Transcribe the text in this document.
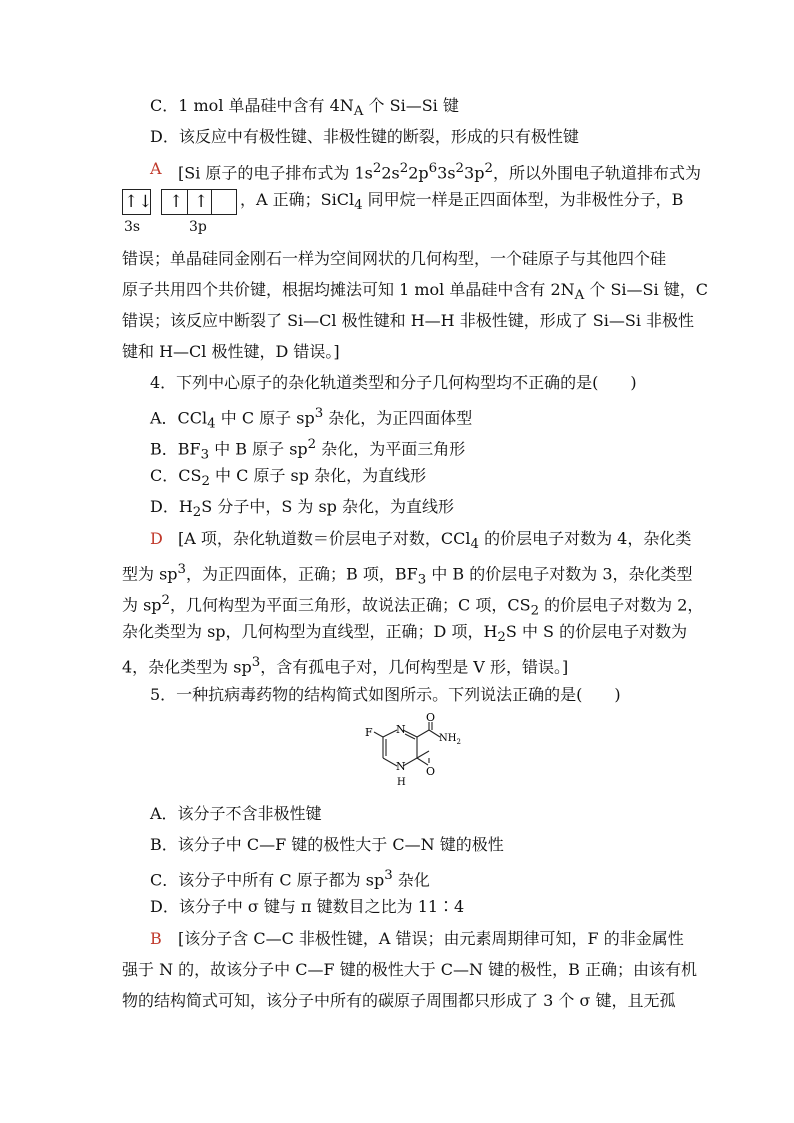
C．1 mol 单晶硅中含有 $4N_A$ 个 Si—Si 键
D．该反应中有极性键、非极性键的断裂，形成的只有极性键
A [Si 原子的电子排布式为 $1s^22s^22p^63s^23p^2$，所以外围电子轨道排布式为
↑↓ ↑ ↑
3s	3p
，A 正确；SiCl$_4$ 同甲烷一样是正四面体型，为非极性分子，B
错误；单晶硅同金刚石一样为空间网状的几何构型，一个硅原子与其他四个硅
原子共用四个共价键，根据均摊法可知 1 mol 单晶硅中含有 $2N_A$ 个 Si—Si 键，C
错误；该反应中断裂了 Si—Cl 极性键和 H—H 非极性键，形成了 Si—Si 非极性
键和 H—Cl 极性键，D 错误。]
4．下列中心原子的杂化轨道类型和分子几何构型均不正确的是(　　)
A．CCl$_4$ 中 C 原子 $sp^3$ 杂化，为正四面体型
B．$BF_3$ 中 B 原子 $sp^2$ 杂化，为平面三角形
C．$CS_2$ 中 C 原子 sp 杂化，为直线形
D．$H_2S$ 分子中，S 为 sp 杂化，为直线形
D [A 项，杂化轨道数＝价层电子对数，CCl$_4$ 的价层电子对数为 4，杂化类
型为 $sp^3$，为正四面体，正确；B 项，$BF_3$ 中 B 的价层电子对数为 3，杂化类型
为 $sp^2$，几何构型为平面三角形，故说法正确；C 项，$CS_2$ 的价层电子对数为 2，
杂化类型为 sp，几何构型为直线型，正确；D 项，$H_2S$ 中 S 的价层电子对数为
4，杂化类型为 $sp^3$，含有孤电子对，几何构型是 V 形，错误。]
5．一种抗病毒药物的结构简式如图所示。下列说法正确的是(　　)
F N
O
$NH_2$
N
H
O
A．该分子不含非极性键
B．该分子中 C—F 键的极性大于 C—N 键的极性
C．该分子中所有 C 原子都为 $sp^3$ 杂化
D．该分子中 σ 键与 π 键数目之比为 11∶4
B [该分子含 C—C 非极性键，A 错误；由元素周期律可知，F 的非金属性
强于 N 的，故该分子中 C—F 键的极性大于 C—N 键的极性，B 正确；由该有机
物的结构简式可知，该分子中所有的碳原子周围都只形成了 3 个 σ 键，且无孤
